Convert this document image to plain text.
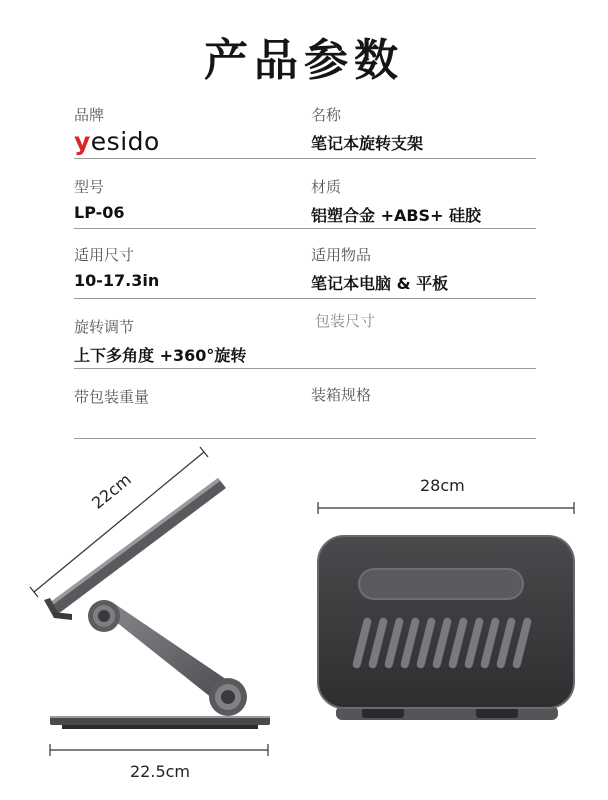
产品参数
品牌
yesido
名称
笔记本旋转支架
型号
LP-06
材质
铝塑合金 +ABS+ 硅胶
适用尺寸
10-17.3in
适用物品
笔记本电脑 & 平板
旋转调节
上下多角度 +360°旋转
包装尺寸
带包装重量	装箱规格
22cm
22.5cm
28cm
